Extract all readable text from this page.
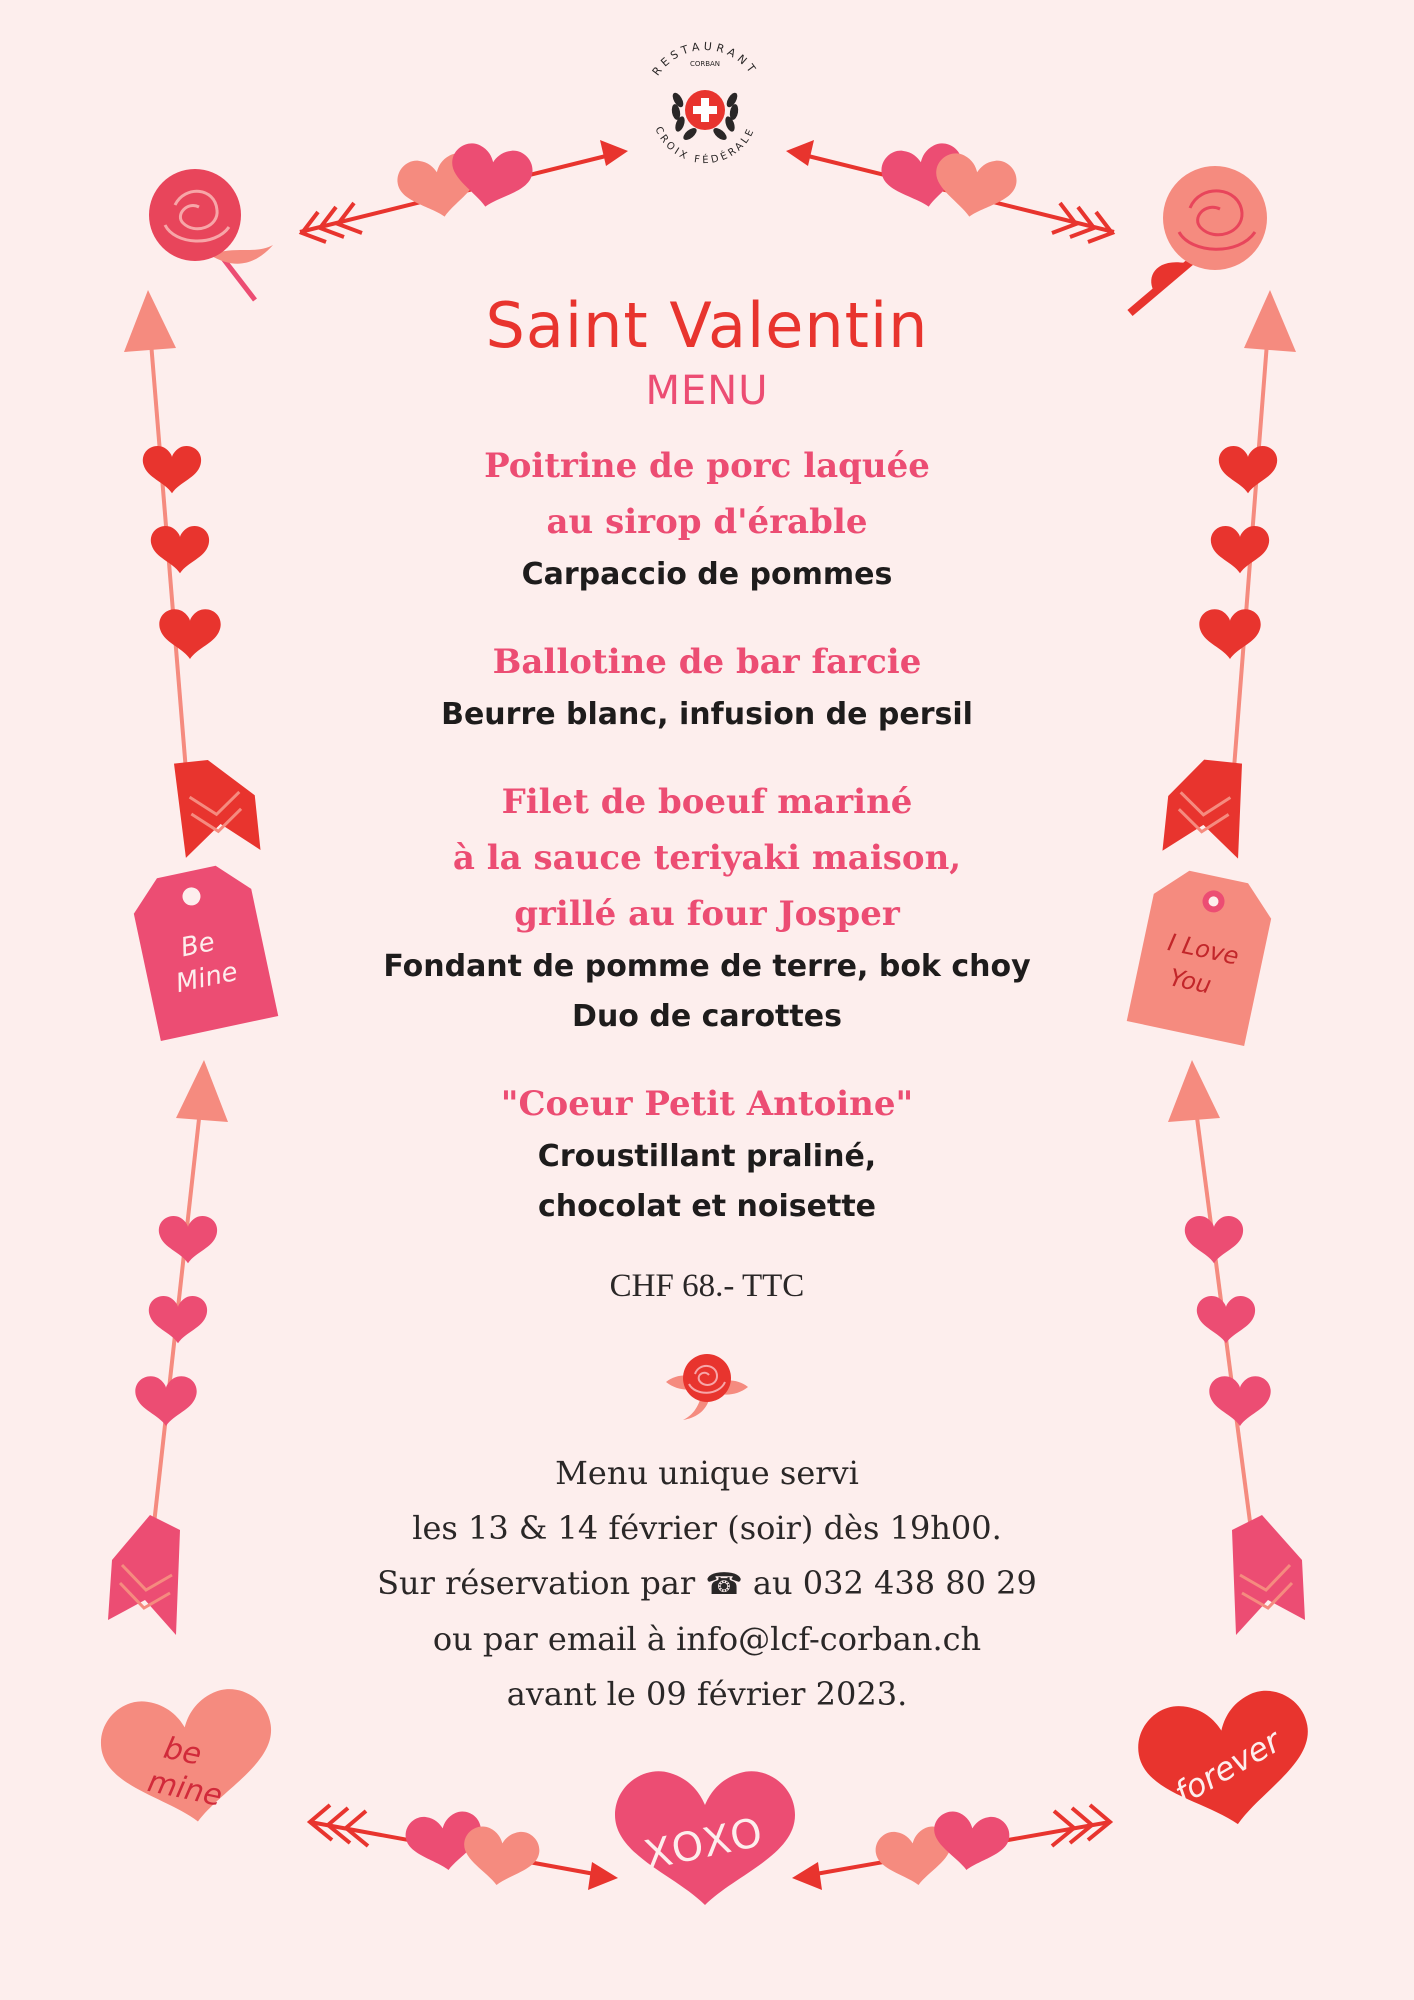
Be
Mine
I Love
You
be
mine	forever
XOXO
RESTAURANT
CROIX FÉDÉRALE
CORBAN
Saint Valentin
MENU
Poitrine de porc laquée
au sirop d'érable
Carpaccio de pommes
Ballotine de bar farcie
Beurre blanc, infusion de persil
Filet de boeuf mariné
à la sauce teriyaki maison,
grillé au four Josper
Fondant de pomme de terre, bok choy
Duo de carottes
"Coeur Petit Antoine"
Croustillant praliné,
chocolat et noisette
CHF 68.- TTC
Menu unique servi
les 13 & 14 février (soir) dès 19h00.
Sur réservation par ☎ au 032 438 80 29
ou par email à info@lcf-corban.ch
avant le 09 février 2023.
